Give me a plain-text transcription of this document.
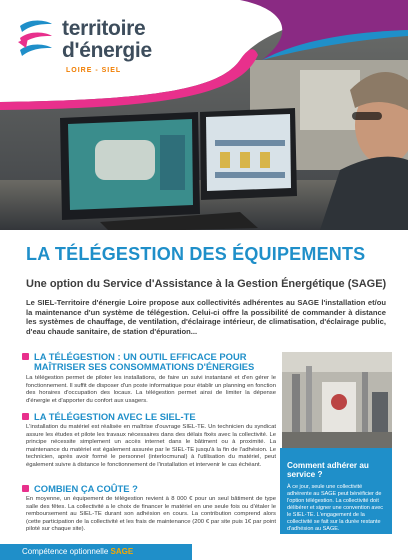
territoire
d'énergie
LOIRE - SIEL
LA TÉLÉGESTION DES ÉQUIPEMENTS
Une option du Service d'Assistance à la Gestion Énergétique (SAGE)
Le SIEL-Territoire d'énergie Loire propose aux collectivités adhérentes au SAGE l'installation et/ou la maintenance d'un système de télégestion. Celui-ci offre la possibilité de commander à distance les systèmes de chauffage, de ventilation, d'éclairage intérieur, de climatisation, d'éclairage public, d'eau chaude sanitaire, de station d'épuration...
LA TÉLÉGESTION : UN OUTIL EFFICACE POUR MAÎTRISER SES CONSOMMATIONS D'ÉNERGIES
La télégestion permet de piloter les installations, de faire un suivi instantané et d'en gérer le fonctionnement. Il suffit de disposer d'un poste informatique pour établir un planning en fonction des horaires d'occupation des locaux. La télégestion permet ainsi de limiter la dépense d'énergie et d'apporter du confort aux usagers.
LA TÉLÉGESTION AVEC LE SIEL-TE
L'installation du matériel est réalisée en maîtrise d'ouvrage SIEL-TE. Un technicien du syndicat assure les études et pilote les travaux nécessaires dans des délais fixés avec la collectivité. Le principe nécessite simplement un accès internet dans le bâtiment ou à proximité. La maintenance du matériel est également assurée par le SIEL-TE jusqu'à la fin de l'adhésion. Le technicien, après avoir formé le personnel (interlocmunal) à l'utilisation du matériel, peut également suivre à distance le fonctionnement de l'installation et intervenir le cas échéant.
COMBIEN ÇA COÛTE ?
En moyenne, un équipement de télégestion revient à 8 000 € pour un seul bâtiment de type salle des fêtes. La collectivité a le choix de financer le matériel en une seule fois ou d'étaler le remboursement au SIEL-TE durant son adhésion en cours. La contribution comprend alors (cette participation de la collectivité et les frais de maintenance (200 € par site puis 1€ par point piloté sur chaque site).
Comment adhérer au service ?
À ce jour, seule une collectivité adhérente au SAGE peut bénéficier de l'option télégestion. La collectivité doit délibérer et signer une convention avec le SIEL-TE. L'engagement de la collectivité se fait sur la durée restante d'adhésion au SAGE.
Compétence optionnelle SAGE
